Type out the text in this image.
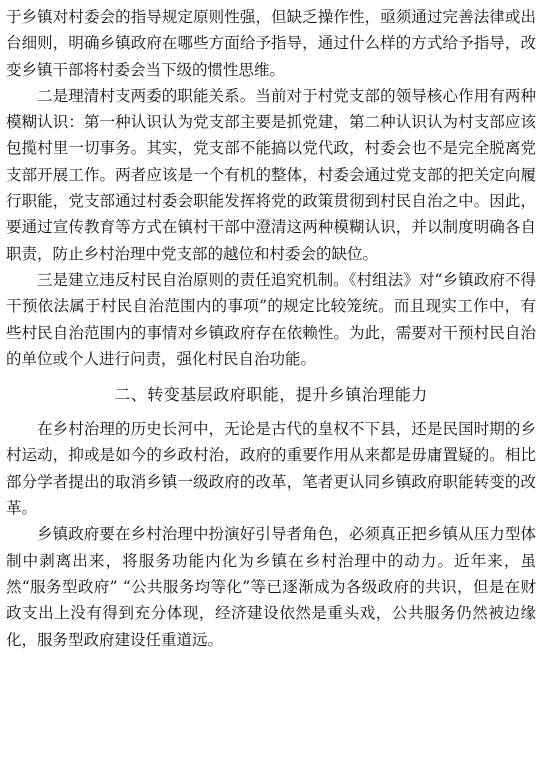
于乡镇对村委会的指导规定原则性强，但缺乏操作性，亟须通过完善法律或出台细则，明确乡镇政府在哪些方面给予指导，通过什么样的方式给予指导，改变乡镇干部将村委会当下级的惯性思维。

二是理清村支两委的职能关系。当前对于村党支部的领导核心作用有两种模糊认识：第一种认识认为党支部主要是抓党建，第二种认识认为村支部应该包揽村里一切事务。其实，党支部不能搞以党代政，村委会也不是完全脱离党支部开展工作。两者应该是一个有机的整体，村委会通过党支部的把关定向履行职能，党支部通过村委会职能发挥将党的政策贯彻到村民自治之中。因此，要通过宣传教育等方式在镇村干部中澄清这两种模糊认识，并以制度明确各自职责，防止乡村治理中党支部的越位和村委会的缺位。

三是建立违反村民自治原则的责任追究机制。《村组法》对“乡镇政府不得干预依法属于村民自治范围内的事项”的规定比较笼统。而且现实工作中，有些村民自治范围内的事情对乡镇政府存在依赖性。为此，需要对干预村民自治的单位或个人进行问责，强化村民自治功能。

二、转变基层政府职能，提升乡镇治理能力

在乡村治理的历史长河中，无论是古代的皇权不下县，还是民国时期的乡村运动，抑或是如今的乡政村治，政府的重要作用从来都是毋庸置疑的。相比部分学者提出的取消乡镇一级政府的改革，笔者更认同乡镇政府职能转变的改革。

乡镇政府要在乡村治理中扮演好引导者角色，必须真正把乡镇从压力型体制中剥离出来，将服务功能内化为乡镇在乡村治理中的动力。近年来，虽然“服务型政府” “公共服务均等化”等已逐渐成为各级政府的共识，但是在财政支出上没有得到充分体现，经济建设依然是重头戏，公共服务仍然被边缘化，服务型政府建设任重道远。
